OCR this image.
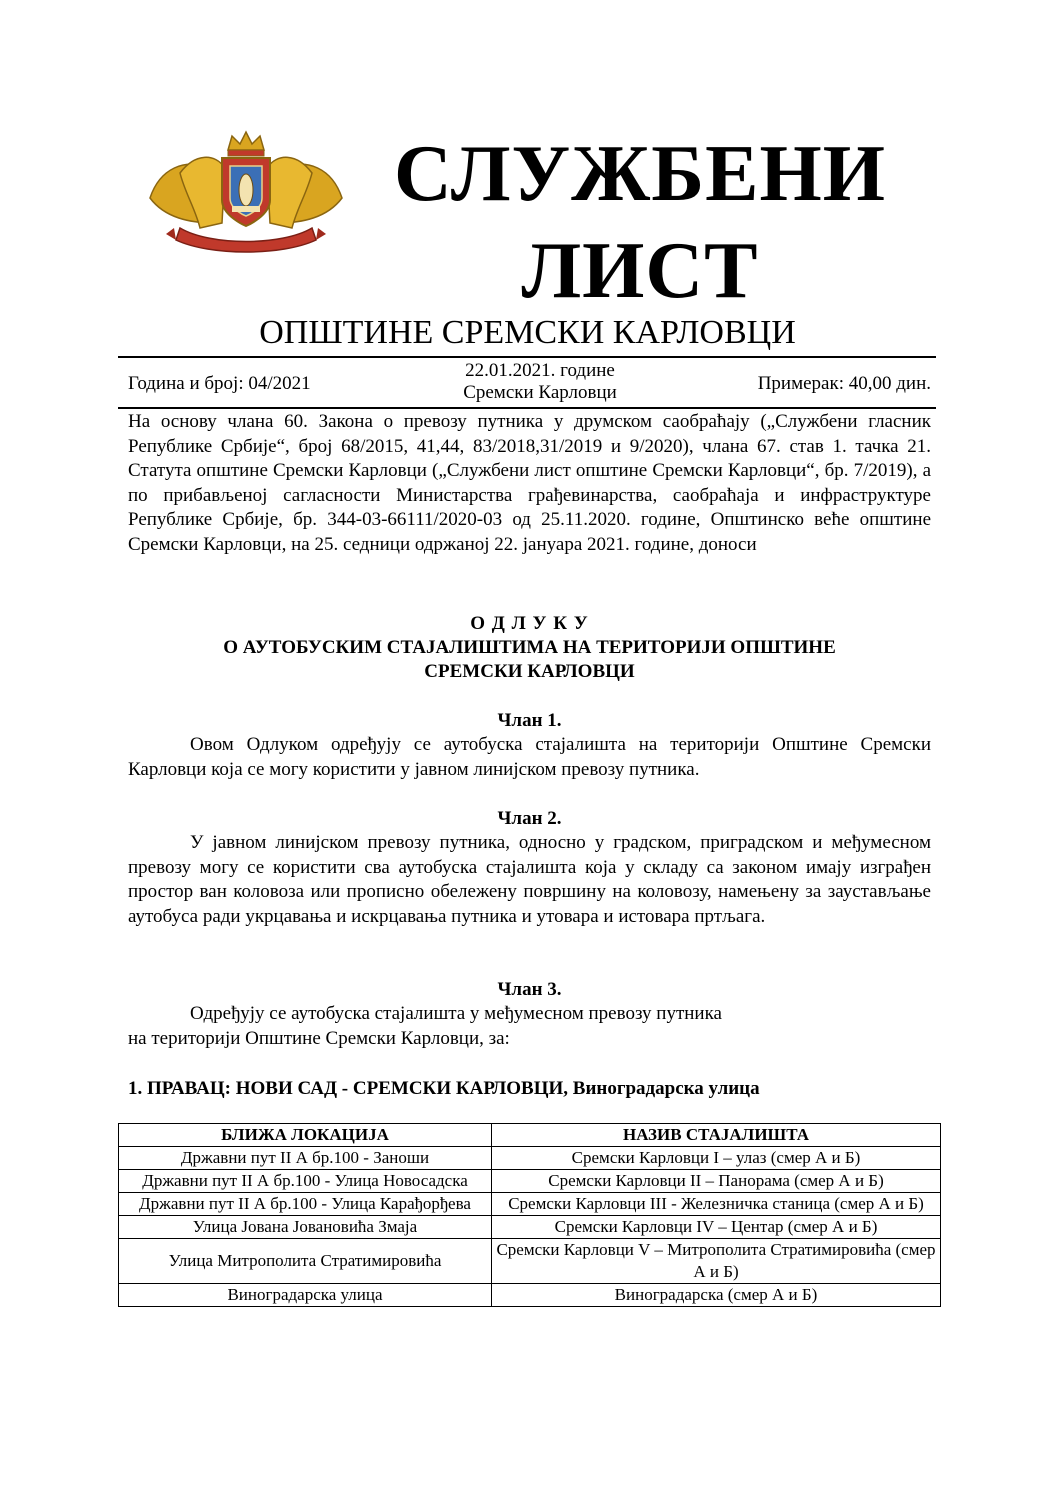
СЛУЖБЕНИ
ЛИСТ
ОПШТИНЕ СРЕМСКИ КАРЛОВЦИ
Година и број: 04/2021
22.01.2021. године
Сремски Карловци	Примерак: 40,00 дин.
На основу члана 60. Закона о превозу путника у друмском саобраћају („Службени гласник Републике Србије“, број 68/2015, 41,44, 83/2018,31/2019 и 9/2020), члана 67. став 1. тачка 21. Статута општине Сремски Карловци („Службени лист општине Сремски Карловци“, бр. 7/2019), а по прибављеној сагласности Министарства грађевинарства, саобраћаја и инфраструктуре Републике Србије, бр. 344-03-66111/2020-03 од 25.11.2020. године, Општинско веће општине Сремски Карловци, на 25. седници одржаној 22. јануара 2021. године, доноси
О Д Л У К У
О АУТОБУСКИМ СТАЈАЛИШТИМА НА ТЕРИТОРИЈИ ОПШТИНЕ
СРЕМСКИ КАРЛОВЦИ
Члан 1.
Овом Одлуком одређују се аутобуска стајалишта на територији Општине Сремски Карловци која се могу користити у јавном линијском превозу путника.
Члан 2.
У јавном линијском превозу путника, односно у градском, приградском и међумесном превозу могу се користити сва аутобуска стајалишта која у складу са законом имају изграђен простор ван коловоза или прописно обележену површину на коловозу, намењену за заустављање аутобуса ради укрцавања и искрцавања путника и утовара и истовара пртљага.
Члан 3.
Одређују се аутобуска стајалишта у међумесном превозу путника
на територији Општине Сремски Карловци, за:
1. ПРАВАЦ: НОВИ САД - СРЕМСКИ КАРЛОВЦИ, Виноградарска улица
БЛИЖА ЛОКАЦИЈА	НАЗИВ СТАЈАЛИШТА
Државни пут II А бр.100 - Заноши	Сремски Карловци I – улаз (смер А и Б)
Државни пут II А бр.100 - Улица Новосадска	Сремски Карловци II – Панорама (смер А и Б)
Државни пут II А бр.100 - Улица Карађорђева	Сремски Карловци III - Железничка станица (смер А и Б)
Улица Јована Јовановића Змаја	Сремски Карловци IV – Центар (смер А и Б)
Улица Митрополита Стратимировића	Сремски Карловци V – Митрополита Стратимировића (смер А и Б)
Виноградарска улица	Виноградарска (смер А и Б)
